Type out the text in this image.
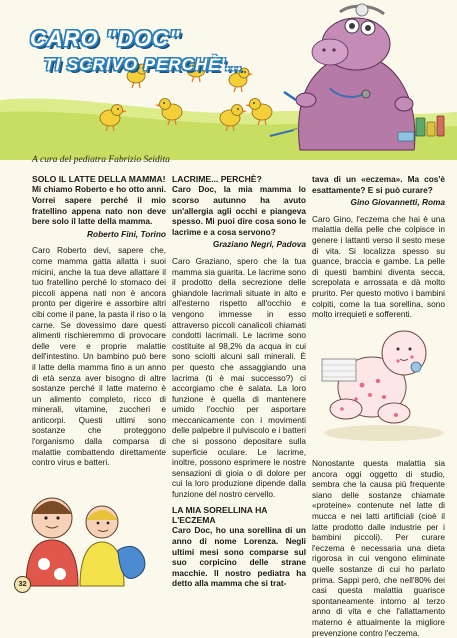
CARO "DOC"
TI SCRIVO PERCHÈ'...
A cura del pediatra Fabrizio Seidita
SOLO IL LATTE DELLA MAMMA!
Mi chiamo Roberto e ho otto anni. Vorrei sapere perché il mio fratellino appena nato non deve bere solo il latte della mamma.
Roberto Fini, Torino
Caro Roberto devi, sapere che, come mamma gatta allatta i suoi micini, anche la tua deve allattare il tuo fratellino perché lo stomaco dei piccoli appena nati non è ancora pronto per digerire e assorbire altri cibi come il pane, la pasta il riso o la carne. Se dovessimo dare questi alimenti rischieremmo di provocare delle vere e proprie malattie dell'intestino. Un bambino può bere il latte della mamma fino a un anno di età senza aver bisogno di altre sostanze perché il latte materno è un alimento completo, ricco di minerali, vitamine, zuccheri e anticorpi. Questi ultimi sono sostanze che proteggono l'organismo dalla comparsa di malattie combattendo direttamente contro virus e batteri.
LACRIME... PERCHÈ?
Caro Doc, la mia mamma lo scorso autunno ha avuto un'allergia agli occhi e piangeva spesso. Mi puoi dire cosa sono le lacrime e a cosa servono?
Graziano Negri, Padova
Caro Graziano, spero che la tua mamma sia guarita. Le lacrime sono il prodotto della secrezione delle ghiandole lacrimali situate in alto e all'esterno rispetto all'occhio e vengono immesse in esso attraverso piccoli canalicoli chiamati condotti lacrimali. Le lacrime sono costituite al 98,2% da acqua in cui sono sciolti alcuni sali minerali. È per questo che assaggiando una lacrima (ti è mai successo?) ci accorgiamo che è salata. La loro funzione è quella di mantenere umido l'occhio per asportare meccanicamente con i movimenti delle palpebre il pulviscolo e i batteri che si possono depositare sulla superficie oculare. Le lacrime, inoltre, possono esprimere le nostre sensazioni di gioia o di dolore per cui la loro produzione dipende dalla funzione del nostro cervello.
LA MIA SORELLINA HA L'ECZEMA
Caro Doc, ho una sorellina di un anno di nome Lorenza. Negli ultimi mesi sono comparse sul suo corpicino delle strane macchie. Il nostro pediatra ha detto alla mamma che si trat-
tava di un «eczema». Ma cos'è esattamente? E si può curare?
Gino Giovannetti, Roma
Caro Gino, l'eczema che hai è una malattia della pelle che colpisce in genere i lattanti verso il sesto mese di vita. Si localizza spesso su guance, braccia e gambe. La pelle di questi bambini diventa secca, screpolata e arrossata e dà molto prurito. Per questo motivo i bambini colpiti, come la tua sorellina, sono molto irrequieti e sofferenti.
Nonostante questa malattia sia ancora oggi oggetto di studio, sembra che la causa più frequente siano delle sostanze chiamate «proteine» contenute nel latte di mucca e nei latti artificiali (cioè il latte prodotto dalle industrie per i bambini piccoli). Per curare l'eczema è necessaria una dieta rigorosa in cui vengono eliminate quelle sostanze di cui ho parlato prima. Sappi però, che nell'80% dei casi questa malattia guarisce spontaneamente intorno al terzo anno di vita e che l'allattamento materno è attualmente la migliore prevenzione contro l'eczema.
32
